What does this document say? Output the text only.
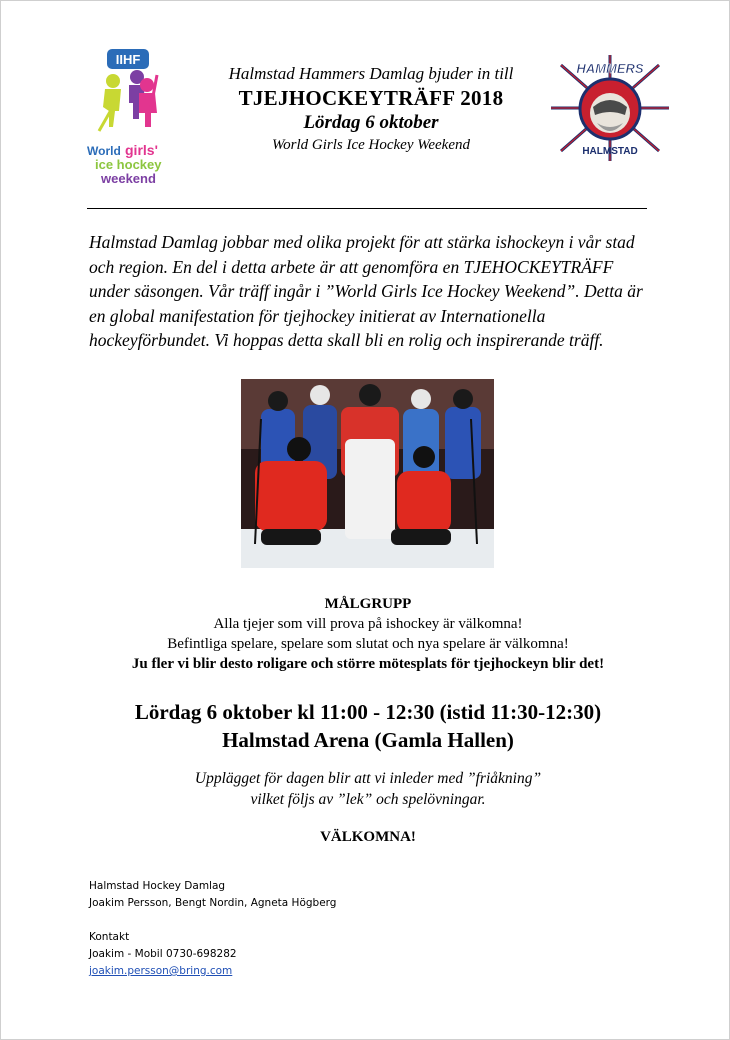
IIHF
World girls'
ice hockey
weekend
Halmstad Hammers Damlag bjuder in till
TJEJHOCKEYTRÄFF 2018
Lördag 6 oktober
World Girls Ice Hockey Weekend
HAMMERS
HALMSTAD
Halmstad Damlag jobbar med olika projekt för att stärka ishockeyn i vår stad och region. En del i detta arbete är att genomföra en TJEHOCKEYTRÄFF under säsongen. Vår träff ingår i ”World Girls Ice Hockey Weekend”. Detta är en global manifestation för tjejhockey initierat av Internationella hockeyförbundet. Vi hoppas detta skall bli en rolig och inspirerande träff.
MÅLGRUPP
Alla tjejer som vill prova på ishockey är välkomna!
Befintliga spelare, spelare som slutat och nya spelare är välkomna!
Ju fler vi blir desto roligare och större mötesplats för tjejhockeyn blir det!
Lördag 6 oktober kl 11:00 - 12:30 (istid 11:30-12:30)
Halmstad Arena (Gamla Hallen)
Upplägget för dagen blir att vi inleder med ”friåkning”
vilket följs av ”lek” och spelövningar.
VÄLKOMNA!
Halmstad Hockey Damlag
Joakim Persson, Bengt Nordin, Agneta Högberg
Kontakt
Joakim - Mobil 0730-698282
joakim.persson@bring.com
